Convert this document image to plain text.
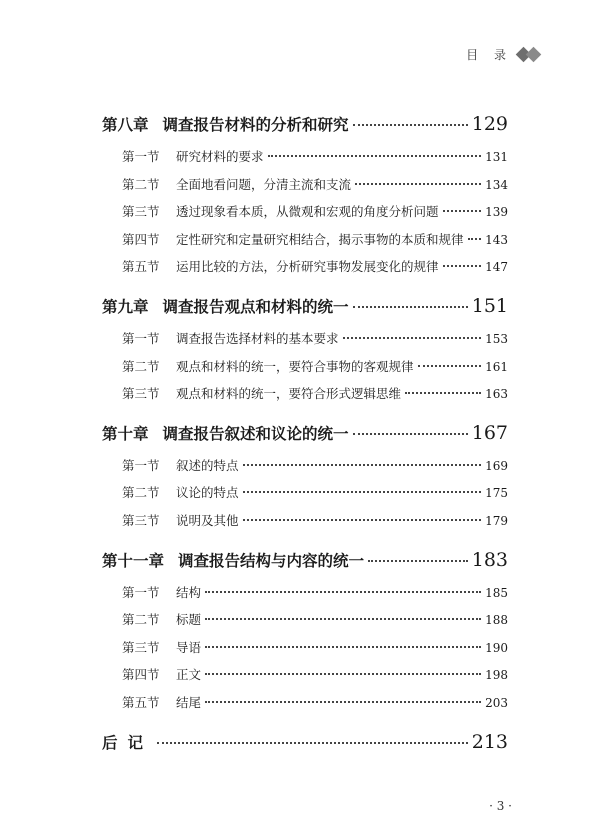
目 录
第八章 调查报告材料的分析和研究	129
第一节	研究材料的要求	131
第二节	全面地看问题，分清主流和支流	134
第三节	透过现象看本质，从微观和宏观的角度分析问题	139
第四节	定性研究和定量研究相结合，揭示事物的本质和规律 143
第五节	运用比较的方法，分析研究事物发展变化的规律	147
第九章 调查报告观点和材料的统一	151
第一节	调查报告选择材料的基本要求	153
第二节	观点和材料的统一，要符合事物的客观规律	161
第三节	观点和材料的统一，要符合形式逻辑思维	163
第十章 调查报告叙述和议论的统一	167
第一节	叙述的特点	169
第二节	议论的特点	175
第三节	说明及其他	179
第十一章 调查报告结构与内容的统一	183
第一节	结构	185
第二节	标题	188
第三节	导语	190
第四节	正文	198
第五节	结尾	203
后记	213
· 3 ·
